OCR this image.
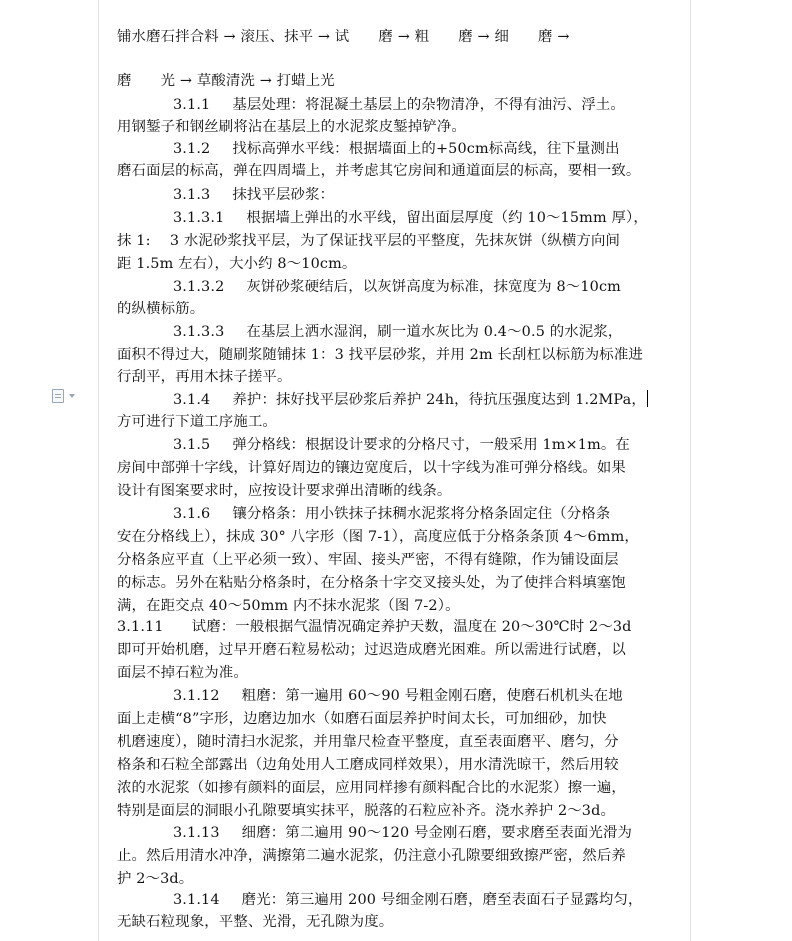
铺水磨石拌合料 → 滚压、抹平 → 试　　磨 → 粗　　磨 → 细　　磨 →
磨　　光 → 草酸清洗 → 打蜡上光
3.1.1 基层处理：将混凝土基层上的杂物清净，不得有油污、浮土。
用钢錾子和钢丝刷将沾在基层上的水泥浆皮錾掉铲净。
3.1.2 找标高弹水平线：根据墙面上的+50cm标高线，往下量测出
磨石面层的标高，弹在四周墙上，并考虑其它房间和通道面层的标高，要相一致。
3.1.3 抹找平层砂浆：
3.1.3.1 根据墙上弹出的水平线，留出面层厚度（约 10～15mm 厚），
抹 1:　 3 水泥砂浆找平层，为了保证找平层的平整度，先抹灰饼（纵横方向间
距 1.5m 左右），大小约 8～10cm。
3.1.3.2 灰饼砂浆硬结后，以灰饼高度为标准，抹宽度为 8～10cm
的纵横标筋。
3.1.3.3 在基层上洒水湿润，刷一道水灰比为 0.4～0.5 的水泥浆，
面积不得过大，随刷浆随铺抹 1：3 找平层砂浆，并用 2m 长刮杠以标筋为标准进
行刮平，再用木抹子搓平。
3.1.4 养护：抹好找平层砂浆后养护 24h，待抗压强度达到 1.2MPa，
方可进行下道工序施工。
3.1.5 弹分格线：根据设计要求的分格尺寸，一般采用 1m×1m。在
房间中部弹十字线，计算好周边的镶边宽度后，以十字线为准可弹分格线。如果
设计有图案要求时，应按设计要求弹出清晰的线条。
3.1.6 镶分格条：用小铁抹子抹稠水泥浆将分格条固定住（分格条
安在分格线上），抹成 30° 八字形（图 7-1），高度应低于分格条条顶 4～6mm，
分格条应平直（上平必须一致）、牢固、接头严密，不得有缝隙，作为铺设面层
的标志。另外在粘贴分格条时，在分格条十字交叉接头处，为了使拌合料填塞饱
满，在距交点 40～50mm 内不抹水泥浆（图 7-2）。
3.1.11 试磨：一般根据气温情况确定养护天数，温度在 20～30℃时 2～3d
即可开始机磨，过早开磨石粒易松动；过迟造成磨光困难。所以需进行试磨，以
面层不掉石粒为准。
3.1.12 粗磨：第一遍用 60～90 号粗金刚石磨，使磨石机机头在地
面上走横“8”字形，边磨边加水（如磨石面层养护时间太长，可加细砂，加快
机磨速度），随时清扫水泥浆，并用靠尺检查平整度，直至表面磨平、磨匀，分
格条和石粒全部露出（边角处用人工磨成同样效果），用水清洗晾干，然后用较
浓的水泥浆（如掺有颜料的面层，应用同样掺有颜料配合比的水泥浆）擦一遍，
特别是面层的洞眼小孔隙要填实抹平，脱落的石粒应补齐。浇水养护 2～3d。
3.1.13 细磨：第二遍用 90～120 号金刚石磨，要求磨至表面光滑为
止。然后用清水冲净，满擦第二遍水泥浆，仍注意小孔隙要细致擦严密，然后养
护 2～3d。
3.1.14 磨光：第三遍用 200 号细金刚石磨，磨至表面石子显露均匀，
无缺石粒现象，平整、光滑，无孔隙为度。
